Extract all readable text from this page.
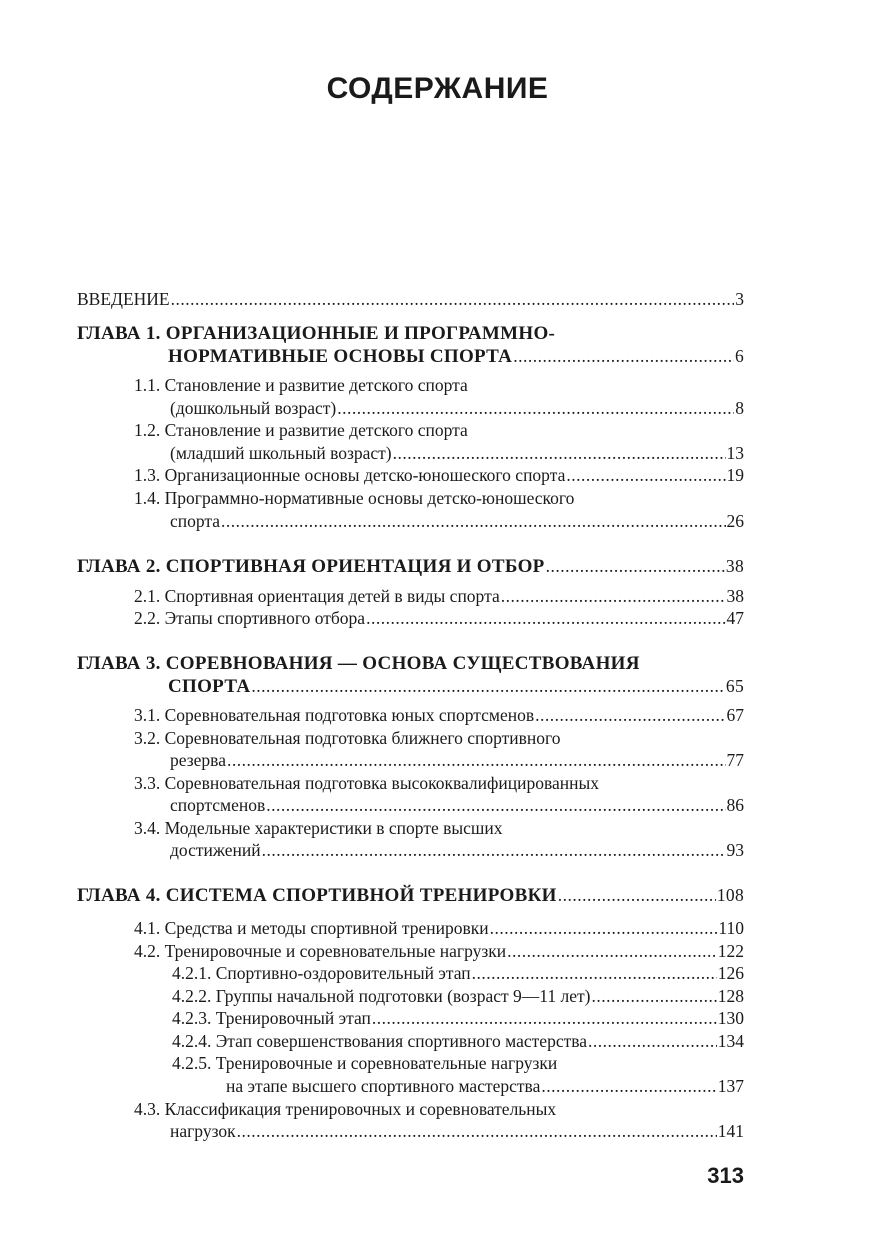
СОДЕРЖАНИЕ
ВВЕДЕНИЕ .....	3
ГЛАВА 1. ОРГАНИЗАЦИОННЫЕ И ПРОГРАММНО-
НОРМАТИВНЫЕ ОСНОВЫ СПОРТА .....	6
1.1. Становление и развитие детского спорта
(дошкольный возраст) .....	8
1.2. Становление и развитие детского спорта
(младший школьный возраст) .....	13
1.3. Организационные основы детско-юношеского спорта .....	19
1.4. Программно-нормативные основы детско-юношеского
спорта .....	26
ГЛАВА 2. СПОРТИВНАЯ ОРИЕНТАЦИЯ И ОТБОР .....	38
2.1. Спортивная ориентация детей в виды спорта .....	38
2.2. Этапы спортивного отбора .....	47
ГЛАВА 3. СОРЕВНОВАНИЯ — ОСНОВА СУЩЕСТВОВАНИЯ
СПОРТА .....	65
3.1. Соревновательная подготовка юных спортсменов .....	67
3.2. Соревновательная подготовка ближнего спортивного
резерва .....	77
3.3. Соревновательная подготовка высококвалифицированных
спортсменов .....	86
3.4. Модельные характеристики в спорте высших
достижений .....	93
ГЛАВА 4. СИСТЕМА СПОРТИВНОЙ ТРЕНИРОВКИ .....	108
4.1. Средства и методы спортивной тренировки .....	110
4.2. Тренировочные и соревновательные нагрузки .....	122
4.2.1. Спортивно-оздоровительный этап .....	126
4.2.2. Группы начальной подготовки (возраст 9—11 лет) .....	128
4.2.3. Тренировочный этап .....	130
4.2.4. Этап совершенствования спортивного мастерства .....	134
4.2.5. Тренировочные и соревновательные нагрузки
на этапе высшего спортивного мастерства .....	137
4.3. Классификация тренировочных и соревновательных
нагрузок .....	141
313
